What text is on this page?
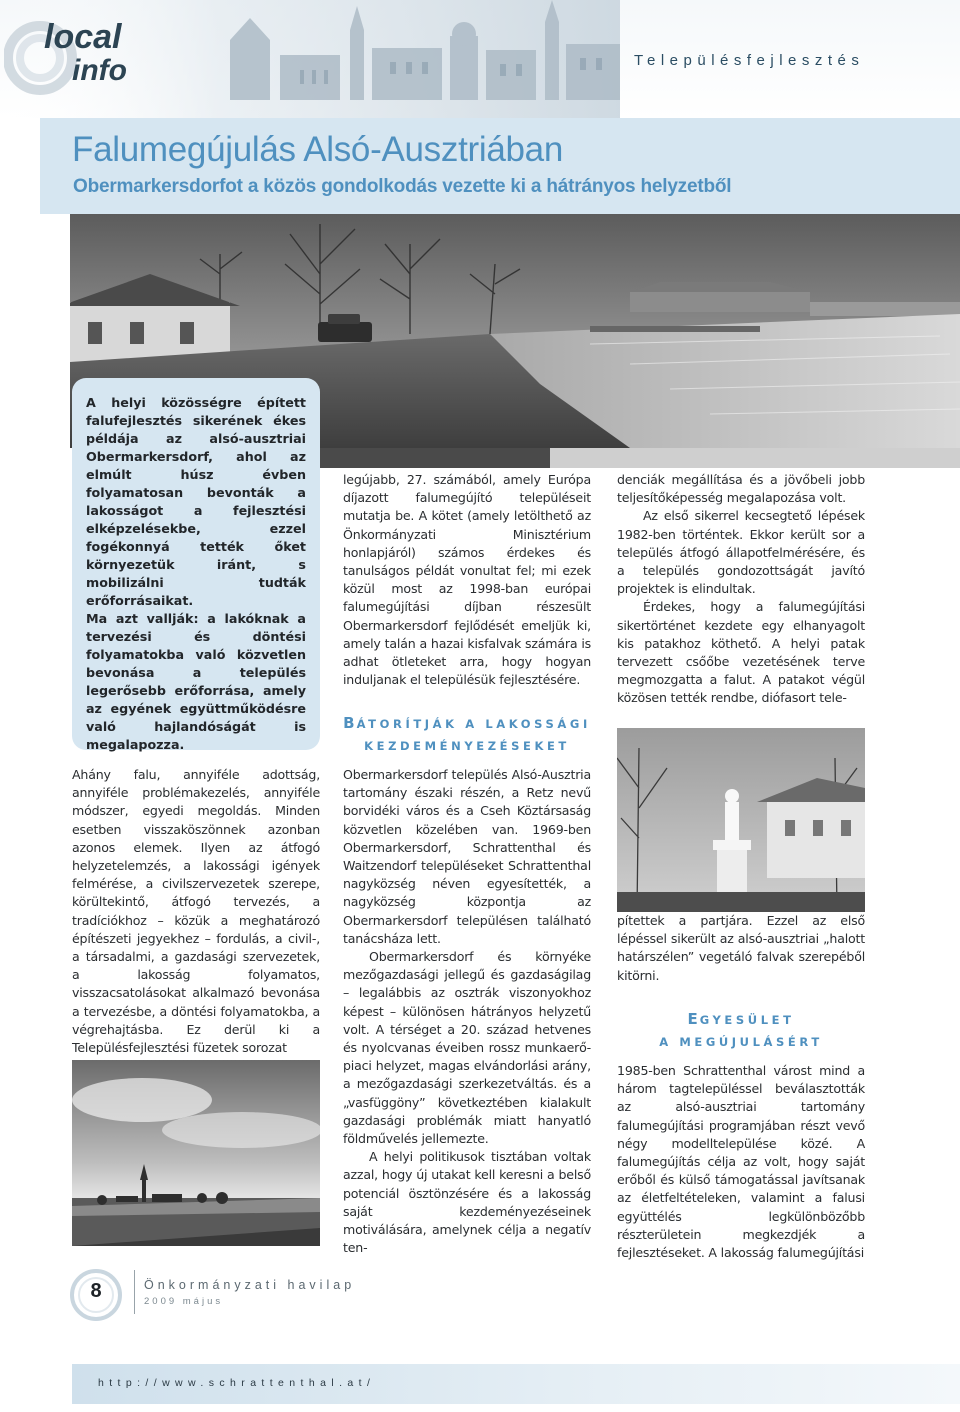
local
info	Településfejlesztés
Falumegújulás Alsó-Ausztriában
Obermarkersdorfot a közös gondolkodás vezette ki a hátrányos helyzetből

A helyi közösségre épített falufejlesztés sikerének ékes példája az alsó-ausztriai Obermarkersdorf, ahol az elmúlt húsz évben folyamatosan bevonták a lakosságot a fejlesztési elképzelésekbe, ezzel fogékonnyá tették őket környezetük iránt, s mobilizálni tudták erőforrásaikat.

Ma azt vallják: a lakóknak a tervezési és döntési folyamatokba való közvetlen bevonása a település legerősebb erőforrása, amely az egyének együttműködésre való hajlandóságát is megalapozza.

Ahány falu, annyiféle adottság, annyiféle problémakezelés, annyiféle módszer, egyedi megoldás. Minden esetben visszaköszönnek azonban azonos elemek. Ilyen az átfogó helyzetelemzés, a lakossági igények felmérése, a civilszervezetek szerepe, körültekintő, átfogó tervezés, a tradíciókhoz – közük a meghatározó építészeti jegyekhez – fordulás, a civil-, a társadalmi, a gazdasági szervezetek, a lakosság folyamatos, visszacsatolásokat alkalmazó bevonása a tervezésbe, a döntési folyamatokba, a végrehajtásba. Ez derül ki a Településfejlesztési füzetek sorozat

legújabb, 27. számából, amely Európa díjazott falumegújító településeit mutatja be. A kötet (amely letölthető az Önkormányzati Minisztérium honlapjáról) számos érdekes és tanulságos példát vonultat fel; mi ezek közül most az 1998-ban európai falumegújítási díjban részesült Obermarkersdorf fejlődését emeljük ki, amely talán a hazai kisfalvak számára is adhat ötleteket arra, hogy hogyan induljanak el településük fejlesztésére.

BÁTORÍTJÁK A LAKOSSÁGI
KEZDEMÉNYEZÉSEKET

Obermarkersdorf település Alsó-Ausztria tartomány északi részén, a Retz nevű borvidéki város és a Cseh Köztársaság közvetlen közelében van. 1969-ben Obermarkersdorf, Schrattenthal és Waitzendorf településeket Schrattenthal nagyközség néven egyesítették, a nagyközség központja az Obermarkersdorf településen található tanácsháza lett.

Obermarkersdorf és környéke mezőgazdasági jellegű és gazdaságilag – legalábbis az osztrák viszonyokhoz képest – különösen hátrányos helyzetű volt. A térséget a 20. század hetvenes és nyolcvanas éveiben rossz munkaerő-piaci helyzet, magas elvándorlási arány, a mezőgazdasági szerkezetváltás. és a „vasfüggöny” következtében kialakult gazdasági problémák miatt hanyatló földművelés jellemezte.

A helyi politikusok tisztában voltak azzal, hogy új utakat kell keresni a belső potenciál ösztönzésére és a lakosság saját kezdeményezéseinek motiválására, amelynek célja a negatív ten-

denciák megállítása és a jövőbeli jobb teljesítőképesség megalapozása volt.

Az első sikerrel kecsegtető lépések 1982-ben történtek. Ekkor került sor a település átfogó állapotfelmérésére, és a település gondozottságát javító projektek is elindultak.

Érdekes, hogy a falumegújítási sikertörténet kezdete egy elhanyagolt kis patakhoz köthető. A helyi patak tervezett csőőbe vezetésének terve megmozgatta a falut. A patakot végül közösen tették rendbe, diófasort tele-

pítettek a partjára. Ezzel az első lépéssel sikerült az alsó-ausztriai „halott határszélen” vegetáló falvak szerepéből kitörni.

EGYESÜLET
A MEGÚJULÁSÉRT

1985-ben Schrattenthal várost mind a három tagtelepüléssel beválasztották az alsó-ausztriai tartomány falumegújítási programjában részt vevő négy modelltelepülése közé. A falumegújítás célja az volt, hogy saját erőből és külső támogatással javítsanak az életfeltételeken, valamint a falusi együttélés legkülönbözőbb részterületein megkezdjék a fejlesztéseket. A lakosság falumegújítási

8	Önkormányzati havilap
2009 május
http://www.schrattenthal.at/
